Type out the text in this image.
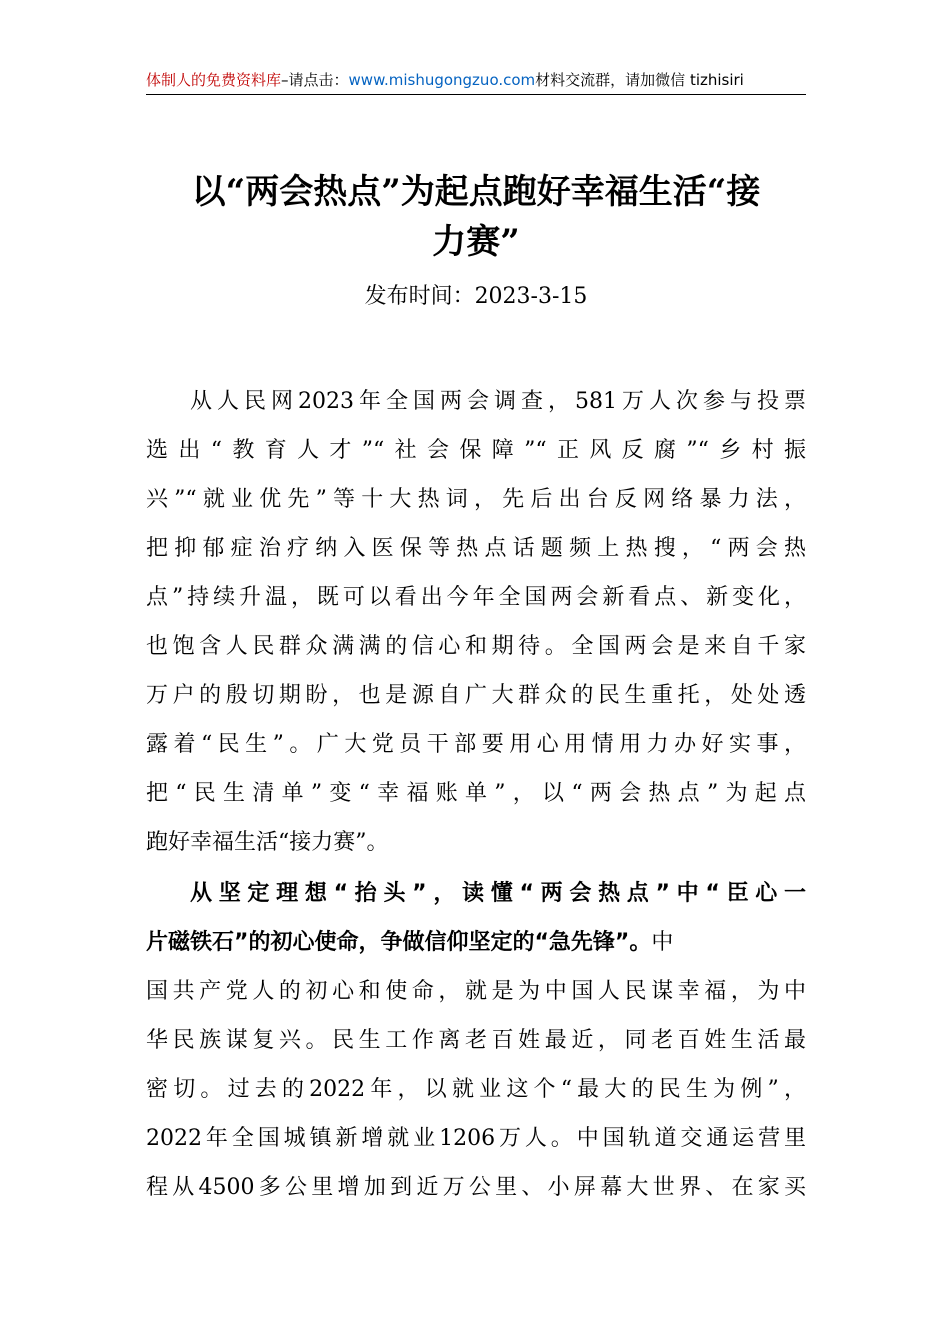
体制人的免费资料库–请点击：www.mishugongzuo.com材料交流群，请加微信 tizhisiri
以“两会热点”为起点跑好幸福生活“接
力赛”
发布时间：2023-3-15
从人民网2023年全国两会调查，581万人次参与投票
选出“教育人才”“社会保障”“正风反腐”“乡村振
兴”“就业优先”等十大热词，先后出台反网络暴力法，
把抑郁症治疗纳入医保等热点话题频上热搜，“两会热
点”持续升温，既可以看出今年全国两会新看点、新变化，
也饱含人民群众满满的信心和期待。全国两会是来自千家
万户的殷切期盼，也是源自广大群众的民生重托，处处透
露着“民生”。广大党员干部要用心用情用力办好实事，
把“民生清单”变“幸福账单”，以“两会热点”为起点
跑好幸福生活“接力赛”。
从坚定理想“抬头”，读懂“两会热点”中“臣心一
片磁铁石”的初心使命，争做信仰坚定的“急先锋”。中
国共产党人的初心和使命，就是为中国人民谋幸福，为中
华民族谋复兴。民生工作离老百姓最近，同老百姓生活最
密切。过去的2022年，以就业这个“最大的民生为例”，
2022年全国城镇新增就业1206万人。中国轨道交通运营里
程从4500多公里增加到近万公里、小屏幕大世界、在家买
